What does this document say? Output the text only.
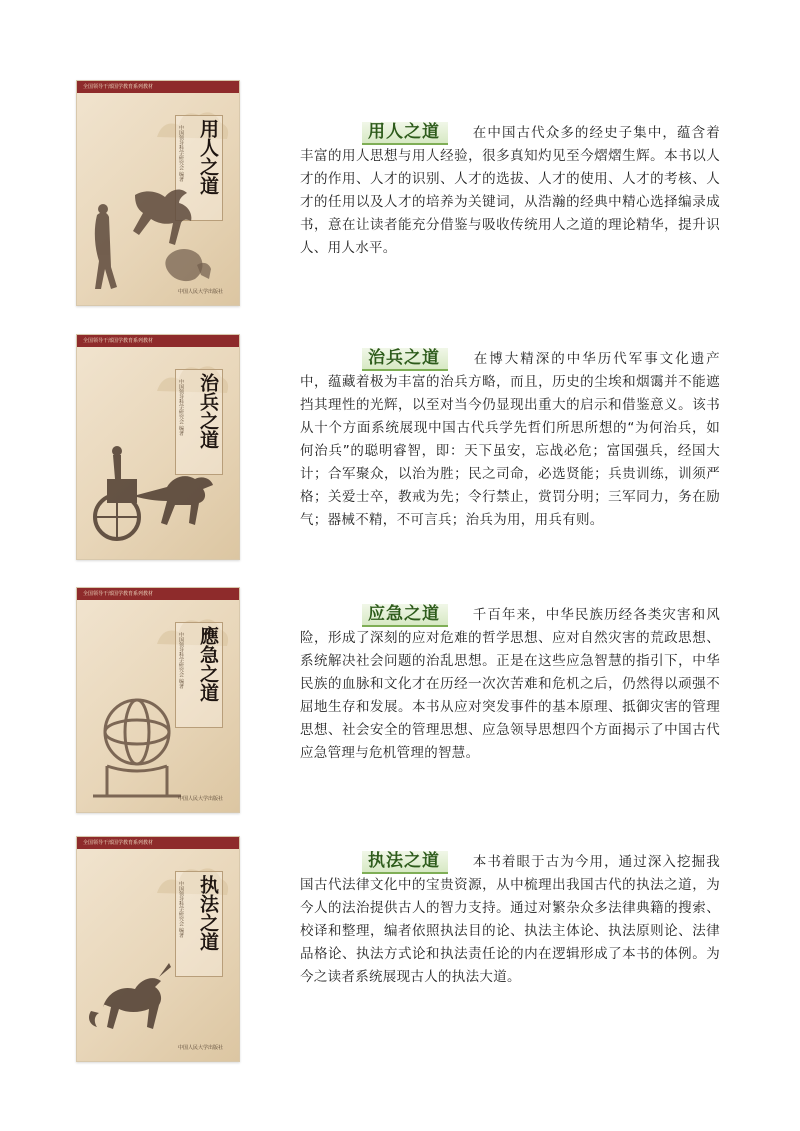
全国领导干部国学教育系列教材
用人之道
中国领导科学研究会 编著
中国人民大学出版社

用人之道 在中国古代众多的经史子集中，蕴含着丰富的用人思想与用人经验，很多真知灼见至今熠熠生辉。本书以人才的作用、人才的识别、人才的选拔、人才的使用、人才的考核、人才的任用以及人才的培养为关键词，从浩瀚的经典中精心选择编录成书，意在让读者能充分借鉴与吸收传统用人之道的理论精华，提升识人、用人水平。

全国领导干部国学教育系列教材
治兵之道
中国领导科学研究会 编著

治兵之道 在博大精深的中华历代军事文化遗产中，蕴藏着极为丰富的治兵方略，而且，历史的尘埃和烟霭并不能遮挡其理性的光辉，以至对当今仍显现出重大的启示和借鉴意义。该书从十个方面系统展现中国古代兵学先哲们所思所想的“为何治兵，如何治兵”的聪明睿智，即：天下虽安，忘战必危；富国强兵，经国大计；合军聚众，以治为胜；民之司命，必选贤能；兵贵训练，训须严格；关爱士卒，教戒为先；令行禁止，赏罚分明；三军同力，务在励气；器械不精，不可言兵；治兵为用，用兵有则。

全国领导干部国学教育系列教材
應急之道
中国领导科学研究会 编著
中国人民大学出版社

应急之道 千百年来，中华民族历经各类灾害和风险，形成了深刻的应对危难的哲学思想、应对自然灾害的荒政思想、系统解决社会问题的治乱思想。正是在这些应急智慧的指引下，中华民族的血脉和文化才在历经一次次苦难和危机之后，仍然得以顽强不屈地生存和发展。本书从应对突发事件的基本原理、抵御灾害的管理思想、社会安全的管理思想、应急领导思想四个方面揭示了中国古代应急管理与危机管理的智慧。

全国领导干部国学教育系列教材
执法之道
中国领导科学研究会 编著
中国人民大学出版社

执法之道 本书着眼于古为今用，通过深入挖掘我国古代法律文化中的宝贵资源，从中梳理出我国古代的执法之道，为今人的法治提供古人的智力支持。通过对繁杂众多法律典籍的搜索、校译和整理，编者依照执法目的论、执法主体论、执法原则论、法律品格论、执法方式论和执法责任论的内在逻辑形成了本书的体例。为今之读者系统展现古人的执法大道。
